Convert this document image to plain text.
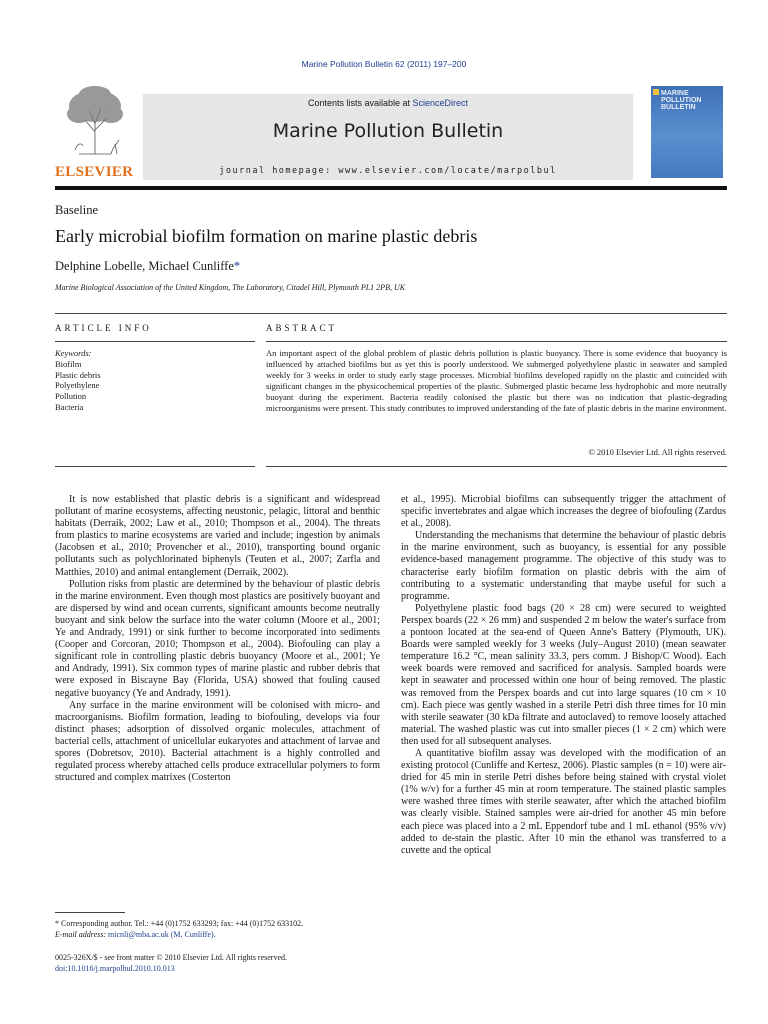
Marine Pollution Bulletin 62 (2011) 197–200
ELSEVIER
Contents lists available at ScienceDirect
Marine Pollution Bulletin
journal homepage: www.elsevier.com/locate/marpolbul
MARINE
POLLUTION
BULLETIN
Baseline
Early microbial biofilm formation on marine plastic debris
Delphine Lobelle, Michael Cunliffe*
Marine Biological Association of the United Kingdom, The Laboratory, Citadel Hill, Plymouth PL1 2PB, UK
ARTICLE INFO	ABSTRACT
Keywords:
Biofilm
Plastic debris
Polyethylene
Pollution
Bacteria
An important aspect of the global problem of plastic debris pollution is plastic buoyancy. There is some evidence that buoyancy is influenced by attached biofilms but as yet this is poorly understood. We submerged polyethylene plastic in seawater and sampled weekly for 3 weeks in order to study early stage processes. Microbial biofilms developed rapidly on the plastic and coincided with significant changes in the physicochemical properties of the plastic. Submerged plastic became less hydrophobic and more neutrally buoyant during the experiment. Bacteria readily colonised the plastic but there was no indication that plastic-degrading microorganisms were present. This study contributes to improved understanding of the fate of plastic debris in the marine environment.
© 2010 Elsevier Ltd. All rights reserved.

It is now established that plastic debris is a significant and widespread pollutant of marine ecosystems, affecting neustonic, pelagic, littoral and benthic habitats (Derraik, 2002; Law et al., 2010; Thompson et al., 2004). The threats from plastics to marine ecosystems are varied and include; ingestion by animals (Jacobsen et al., 2010; Provencher et al., 2010), transporting bound organic pollutants such as polychlorinated biphenyls (Teuten et al., 2007; Zarfla and Matthies, 2010) and animal entanglement (Derraik, 2002).

Pollution risks from plastic are determined by the behaviour of plastic debris in the marine environment. Even though most plastics are positively buoyant and are dispersed by wind and ocean currents, significant amounts become neutrally buoyant and sink below the surface into the water column (Moore et al., 2001; Ye and Andrady, 1991) or sink further to become incorporated into sediments (Cooper and Corcoran, 2010; Thompson et al., 2004). Biofouling can play a significant role in controlling plastic debris buoyancy (Moore et al., 2001; Ye and Andrady, 1991). Six common types of marine plastic and rubber debris that were exposed in Biscayne Bay (Florida, USA) showed that fouling caused negative buoyancy (Ye and Andrady, 1991).

Any surface in the marine environment will be colonised with micro- and macroorganisms. Biofilm formation, leading to biofouling, develops via four distinct phases; adsorption of dissolved organic molecules, attachment of bacterial cells, attachment of unicellular eukaryotes and attachment of larvae and spores (Dobretsov, 2010). Bacterial attachment is a highly controlled and regulated process whereby attached cells produce extracellular polymers to form structured and complex matrixes (Costerton

et al., 1995). Microbial biofilms can subsequently trigger the attachment of specific invertebrates and algae which increases the degree of biofouling (Zardus et al., 2008).

Understanding the mechanisms that determine the behaviour of plastic debris in the marine environment, such as buoyancy, is essential for any possible evidence-based management programme. The objective of this study was to characterise early biofilm formation on plastic debris with the aim of contributing to a systematic understanding that maybe useful for such a programme.

Polyethylene plastic food bags (20 × 28 cm) were secured to weighted Perspex boards (22 × 26 mm) and suspended 2 m below the water's surface from a pontoon located at the sea-end of Queen Anne's Battery (Plymouth, UK). Boards were sampled weekly for 3 weeks (July–August 2010) (mean seawater temperature 16.2 °C, mean salinity 33.3, pers comm. J Bishop/C Wood). Each week boards were removed and sacrificed for analysis. Sampled boards were kept in seawater and processed within one hour of being removed. The plastic was removed from the Perspex boards and cut into large squares (10 cm × 10 cm). Each piece was gently washed in a sterile Petri dish three times for 10 min with sterile seawater (30 kDa filtrate and autoclaved) to remove loosely attached material. The washed plastic was cut into smaller pieces (1 × 2 cm) which were then used for all subsequent analyses.

A quantitative biofilm assay was developed with the modification of an existing protocol (Cunliffe and Kertesz, 2006). Plastic samples (n = 10) were air-dried for 45 min in sterile Petri dishes before being stained with crystal violet (1% w/v) for a further 45 min at room temperature. The stained plastic samples were washed three times with sterile seawater, after which the attached biofilm was clearly visible. Stained samples were air-dried for another 45 min before each piece was placed into a 2 mL Eppendorf tube and 1 mL ethanol (95% v/v) added to de-stain the plastic. After 10 min the ethanol was transferred to a cuvette and the optical

* Corresponding author. Tel.: +44 (0)1752 633293; fax: +44 (0)1752 633102.
E-mail address: micnli@mba.ac.uk (M. Cunliffe).
0025-326X/$ - see front matter © 2010 Elsevier Ltd. All rights reserved.
doi:10.1016/j.marpolbul.2010.10.013
